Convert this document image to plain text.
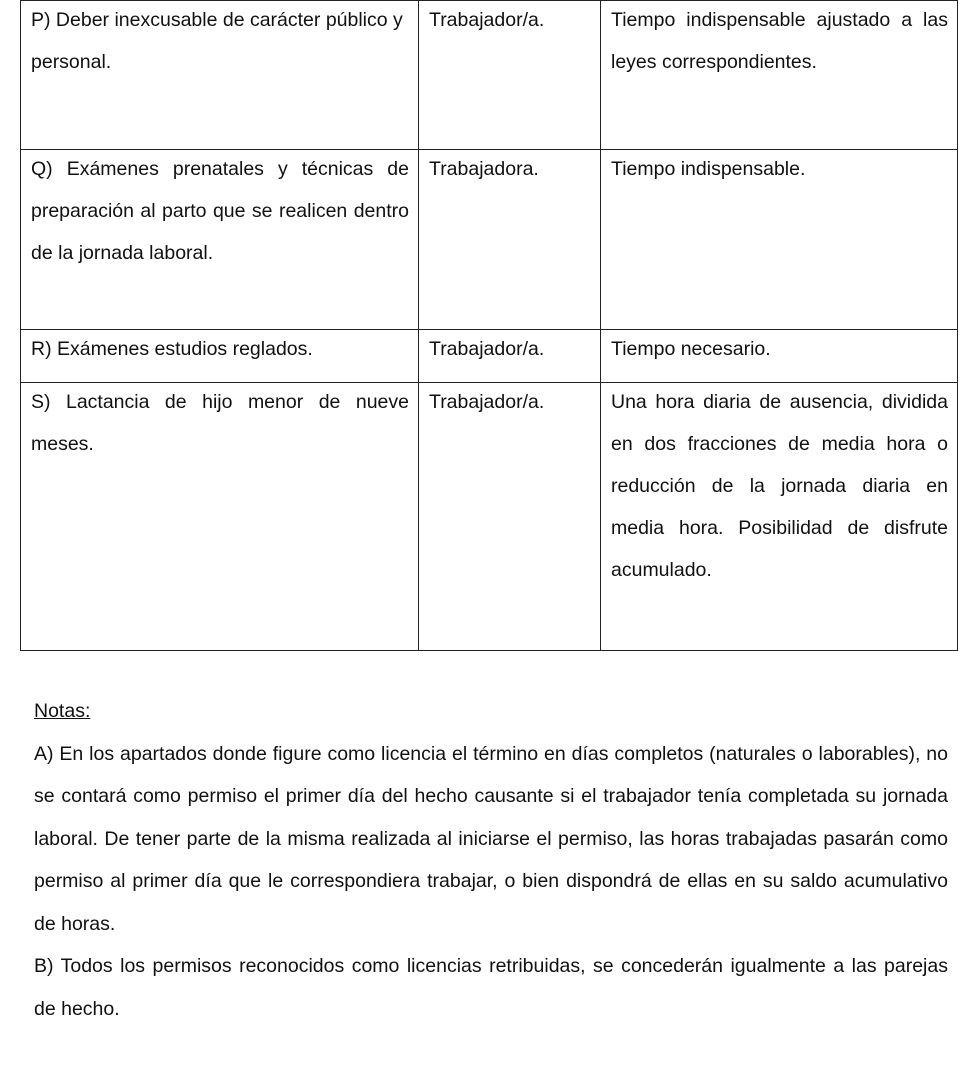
P) Deber inexcusable de carácter público y personal.	Trabajador/a.	Tiempo indispensable ajustado a las leyes correspondientes.

Q) Exámenes prenatales y técnicas de preparación al parto que se realicen dentro de la jornada laboral.	Trabajadora.	Tiempo indispensable.

R) Exámenes estudios reglados.	Trabajador/a.	Tiempo necesario.

S) Lactancia de hijo menor de nueve meses.	Trabajador/a.	Una hora diaria de ausencia, dividida en dos fracciones de media hora o reducción de la jornada diaria en media hora. Posibilidad de disfrute acumulado.
Notas:

A) En los apartados donde figure como licencia el término en días completos (naturales o laborables), no se contará como permiso el primer día del hecho causante si el trabajador tenía completada su jornada laboral. De tener parte de la misma realizada al iniciarse el permiso, las horas trabajadas pasarán como permiso al primer día que le correspondiera trabajar, o bien dispondrá de ellas en su saldo acumulativo de horas.

B) Todos los permisos reconocidos como licencias retribuidas, se concederán igualmente a las parejas de hecho.
